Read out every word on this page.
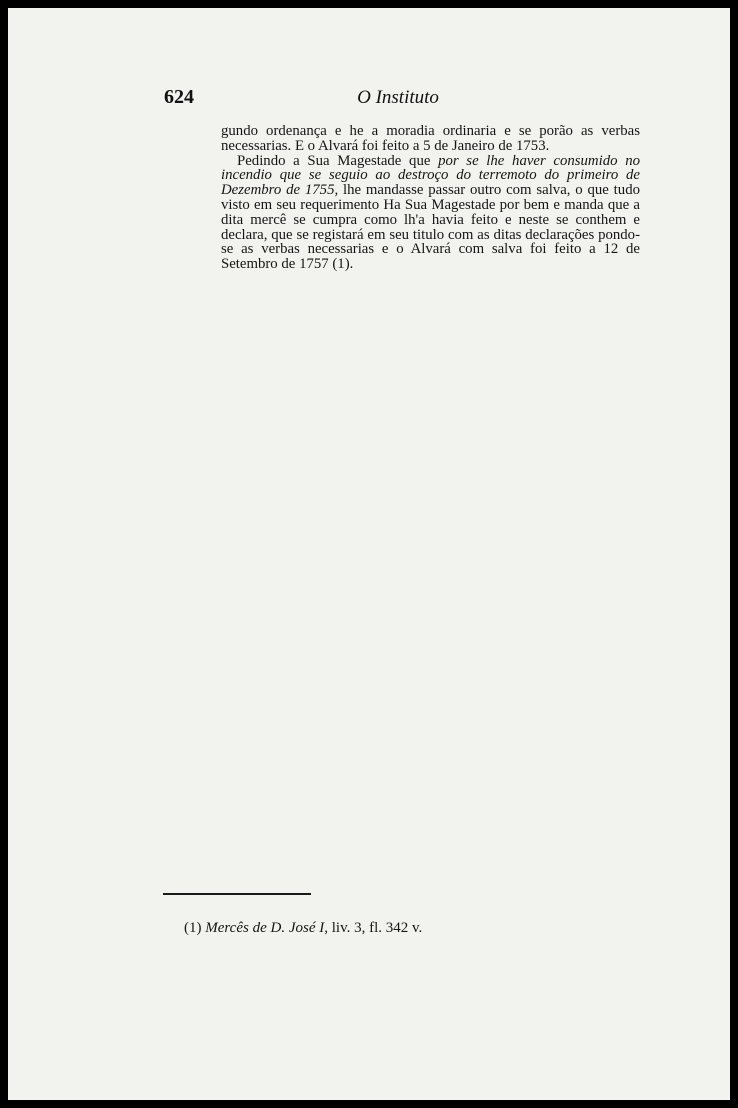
624	O Instituto

gundo ordenança e he a moradia ordinaria e se porão as verbas necessarias. E o Alvará foi feito a 5 de Janeiro de 1753.

Pedindo a Sua Magestade que por se lhe haver consumido no incendio que se seguio ao destroço do terremoto do primeiro de Dezembro de 1755, lhe mandasse passar outro com salva, o que tudo visto em seu requerimento Ha Sua Magestade por bem e manda que a dita mercê se cumpra como lh'a havia feito e neste se conthem e declara, que se registará em seu titulo com as ditas declarações pondo-se as verbas necessarias e o Alvará com salva foi feito a 12 de Setembro de 1757 (1).

(1) Mercês de D. José I, liv. 3, fl. 342 v.
